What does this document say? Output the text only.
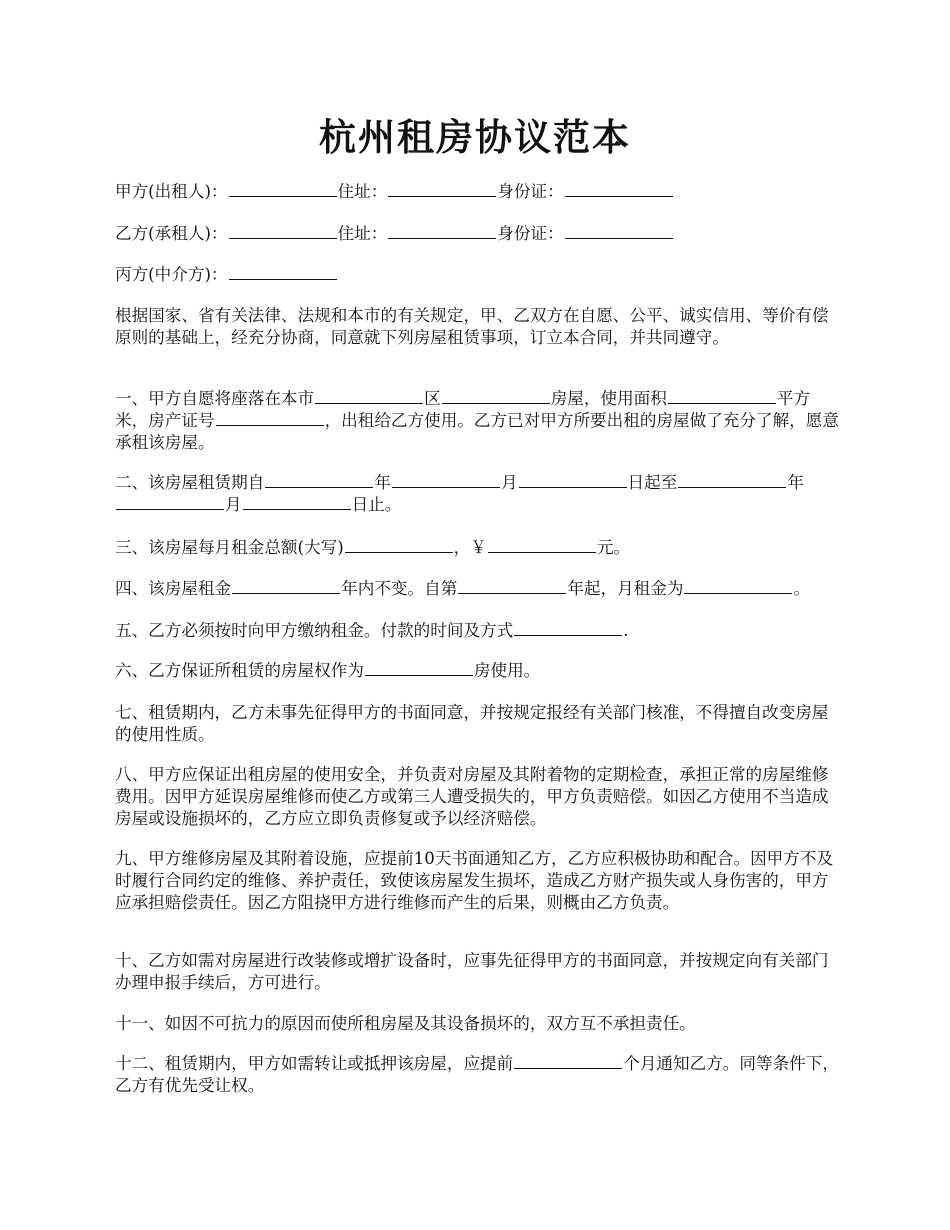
杭州租房协议范本

甲方(出租人)：	住址：	身份证：

乙方(承租人)：	住址：	身份证：

丙方(中介方)：

根据国家、省有关法律、法规和本市的有关规定，甲、乙双方在自愿、公平、诚实信用、等价有偿原则的基础上，经充分协商，同意就下列房屋租赁事项，订立本合同，并共同遵守。

一、甲方自愿将座落在本市	区	房屋，使用面积	平方米，房产证号	，出租给乙方使用。乙方已对甲方所要出租的房屋做了充分了解，愿意承租该房屋。

二、该房屋租赁期自	年	月	日起至	年月	日止。

三、该房屋每月租金总额(大写)	，￥	元。

四、该房屋租金	年内不变。自第	年起，月租金为	。

五、乙方必须按时向甲方缴纳租金。付款的时间及方式	.

六、乙方保证所租赁的房屋权作为	房使用。

七、租赁期内，乙方未事先征得甲方的书面同意，并按规定报经有关部门核准，不得擅自改变房屋的使用性质。

八、甲方应保证出租房屋的使用安全，并负责对房屋及其附着物的定期检查，承担正常的房屋维修费用。因甲方延误房屋维修而使乙方或第三人遭受损失的，甲方负责赔偿。如因乙方使用不当造成房屋或设施损坏的，乙方应立即负责修复或予以经济赔偿。

九、甲方维修房屋及其附着设施，应提前10天书面通知乙方，乙方应积极协助和配合。因甲方不及时履行合同约定的维修、养护责任，致使该房屋发生损坏，造成乙方财产损失或人身伤害的，甲方应承担赔偿责任。因乙方阻挠甲方进行维修而产生的后果，则概由乙方负责。

十、乙方如需对房屋进行改装修或增扩设备时，应事先征得甲方的书面同意，并按规定向有关部门办理申报手续后，方可进行。

十一、如因不可抗力的原因而使所租房屋及其设备损坏的，双方互不承担责任。

十二、租赁期内，甲方如需转让或抵押该房屋，应提前	个月通知乙方。同等条件下，乙方有优先受让权。
